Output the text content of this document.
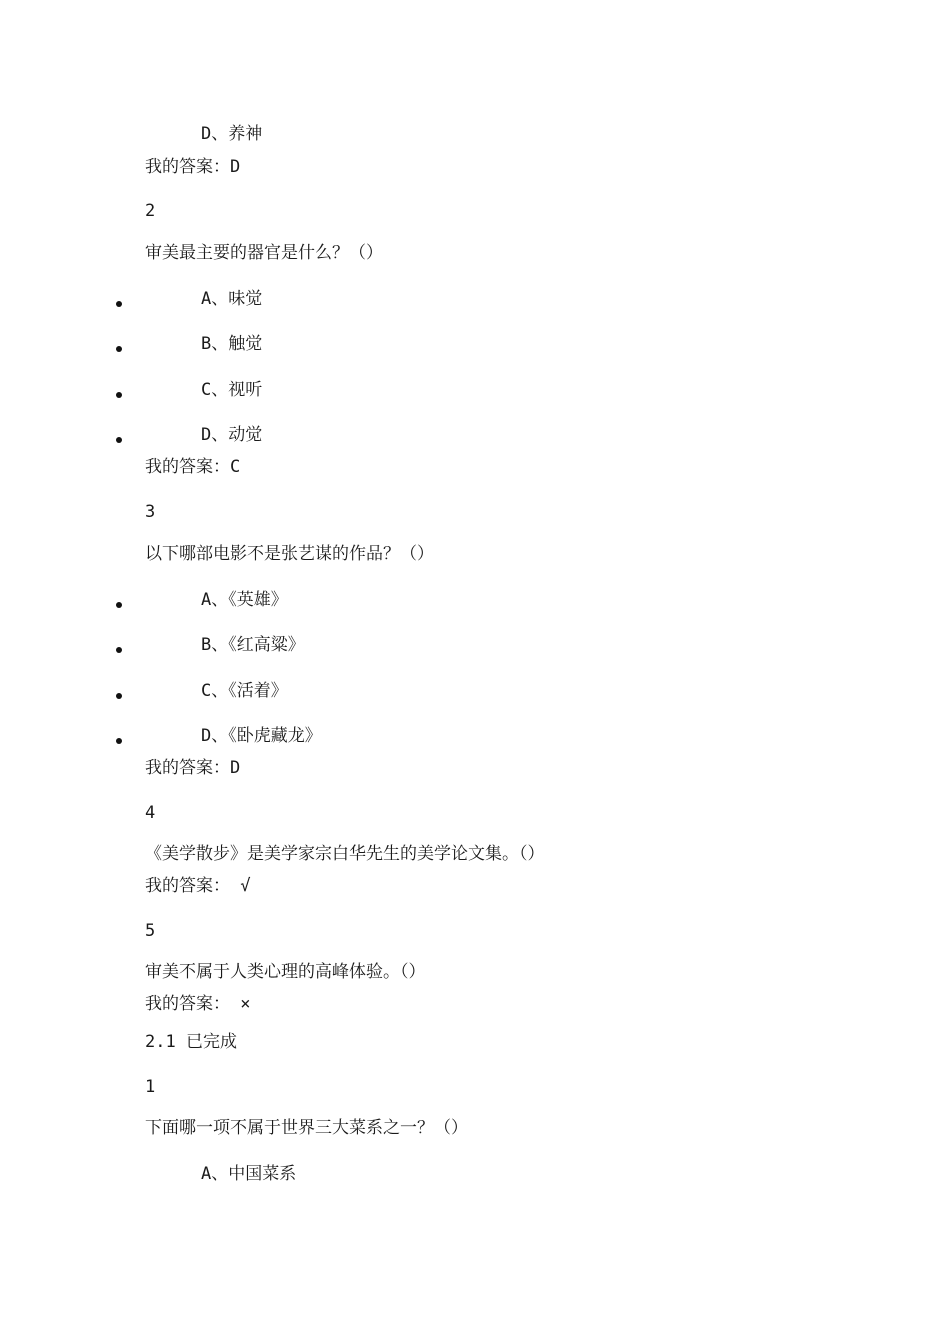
D、养神
我的答案：D
2
审美最主要的器官是什么？（）
A、味觉
B、触觉
C、视听
D、动觉
我的答案：C
3
以下哪部电影不是张艺谋的作品？（）
A、《英雄》
B、《红高粱》
C、《活着》
D、《卧虎藏龙》
我的答案：D
4
《美学散步》是美学家宗白华先生的美学论文集。（）
我的答案： √
5
审美不属于人类心理的高峰体验。（）
我的答案： ×
2.1 已完成
1
下面哪一项不属于世界三大菜系之一？（）
A、中国菜系
